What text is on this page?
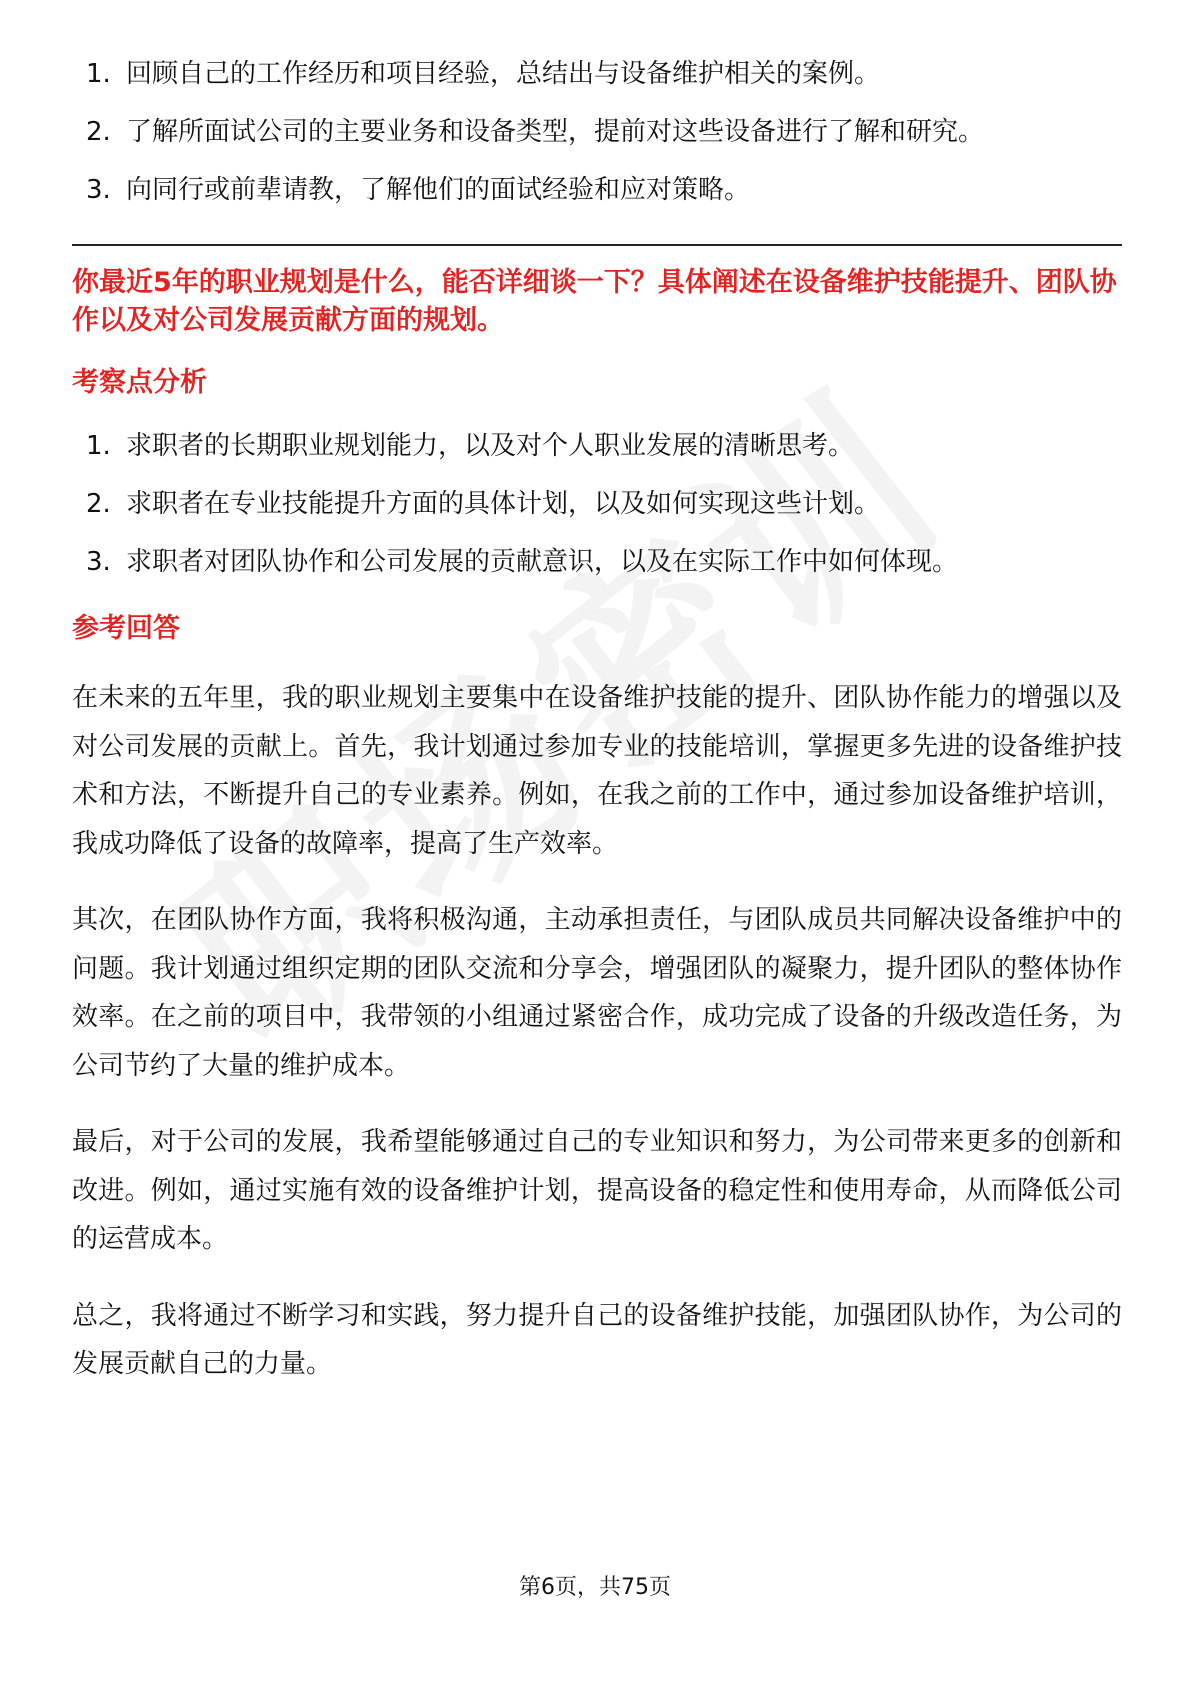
1. 回顾自己的工作经历和项目经验，总结出与设备维护相关的案例。
2. 了解所面试公司的主要业务和设备类型，提前对这些设备进行了解和研究。
3. 向同行或前辈请教，了解他们的面试经验和应对策略。

你最近5年的职业规划是什么，能否详细谈一下？具体阐述在设备维护技能提升、团队协作以及对公司发展贡献方面的规划。

考察点分析
1. 求职者的长期职业规划能力，以及对个人职业发展的清晰思考。
2. 求职者在专业技能提升方面的具体计划，以及如何实现这些计划。
3. 求职者对团队协作和公司发展的贡献意识，以及在实际工作中如何体现。
参考回答

在未来的五年里，我的职业规划主要集中在设备维护技能的提升、团队协作能力的增强以及对公司发展的贡献上。首先，我计划通过参加专业的技能培训，掌握更多先进的设备维护技术和方法，不断提升自己的专业素养。例如，在我之前的工作中，通过参加设备维护培训，我成功降低了设备的故障率，提高了生产效率。

其次，在团队协作方面，我将积极沟通，主动承担责任，与团队成员共同解决设备维护中的问题。我计划通过组织定期的团队交流和分享会，增强团队的凝聚力，提升团队的整体协作效率。在之前的项目中，我带领的小组通过紧密合作，成功完成了设备的升级改造任务，为公司节约了大量的维护成本。

最后，对于公司的发展，我希望能够通过自己的专业知识和努力，为公司带来更多的创新和改进。例如，通过实施有效的设备维护计划，提高设备的稳定性和使用寿命，从而降低公司的运营成本。

总之，我将通过不断学习和实践，努力提升自己的设备维护技能，加强团队协作，为公司的发展贡献自己的力量。

第6页，共75页
